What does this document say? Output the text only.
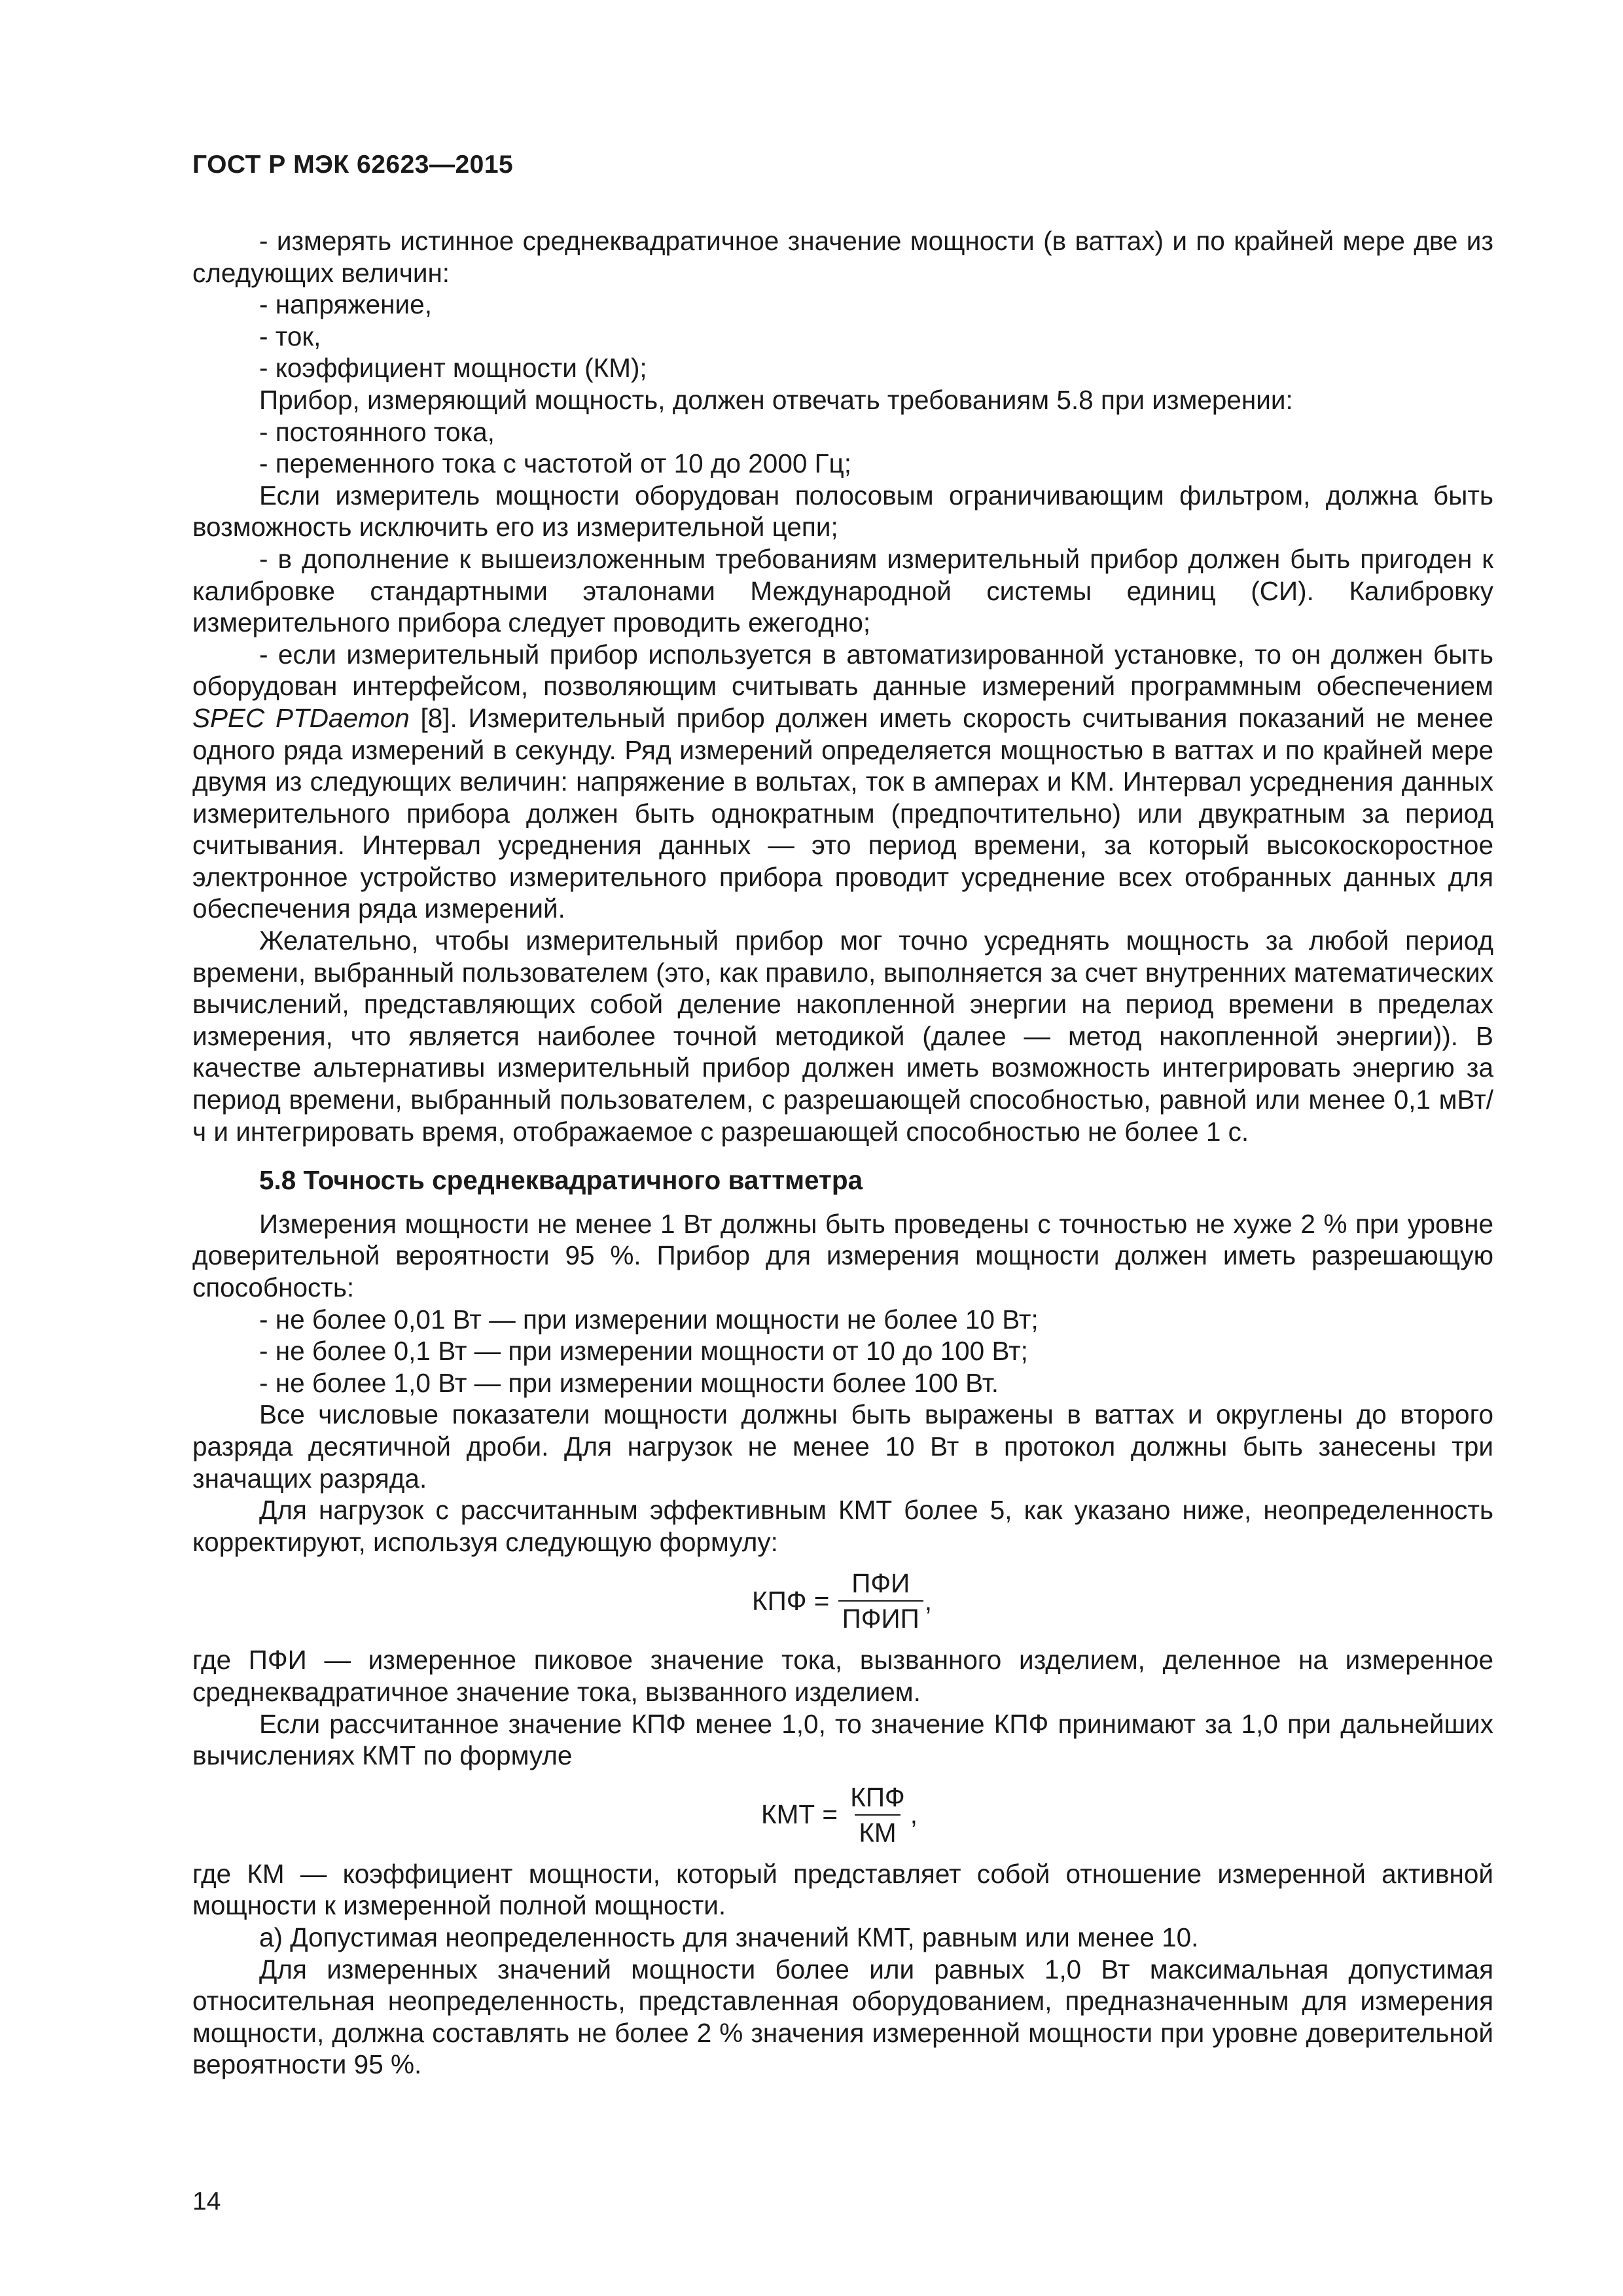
ГОСТ Р МЭК 62623—2015

- измерять истинное среднеквадратичное значение мощности (в ваттах) и по крайней мере две из следующих величин:

- напряжение,

- ток,

- коэффициент мощности (КМ);

Прибор, измеряющий мощность, должен отвечать требованиям 5.8 при измерении:

- постоянного тока,

- переменного тока с частотой от 10 до 2000 Гц;

Если измеритель мощности оборудован полосовым ограничивающим фильтром, должна быть возможность исключить его из измерительной цепи;

- в дополнение к вышеизложенным требованиям измерительный прибор должен быть пригоден к калибровке стандартными эталонами Международной системы единиц (СИ). Калибровку измерительного прибора следует проводить ежегодно;

- если измерительный прибор используется в автоматизированной установке, то он должен быть оборудован интерфейсом, позволяющим считывать данные измерений программным обеспечением SPEC PTDaemon [8]. Измерительный прибор должен иметь скорость считывания показаний не менее одного ряда измерений в секунду. Ряд измерений определяется мощностью в ваттах и по крайней мере двумя из следующих величин: напряжение в вольтах, ток в амперах и КМ. Интервал усреднения данных измерительного прибора должен быть однократным (предпочтительно) или двукратным за период считывания. Интервал усреднения данных — это период времени, за который высокоскоростное электронное устройство измерительного прибора проводит усреднение всех отобранных данных для обеспечения ряда измерений.

Желательно, чтобы измерительный прибор мог точно усреднять мощность за любой период времени, выбранный пользователем (это, как правило, выполняется за счет внутренних математических вычислений, представляющих собой деление накопленной энергии на период времени в пределах измерения, что является наиболее точной методикой (далее — метод накопленной энергии)). В качестве альтернативы измерительный прибор должен иметь возможность интегрировать энергию за период времени, выбранный пользователем, с разрешающей способностью, равной или менее 0,1 мВт/ч и интегрировать время, отображаемое с разрешающей способностью не более 1 с.

5.8 Точность среднеквадратичного ваттметра

Измерения мощности не менее 1 Вт должны быть проведены с точностью не хуже 2 % при уровне доверительной вероятности 95 %. Прибор для измерения мощности должен иметь разрешающую способность:

- не более 0,01 Вт — при измерении мощности не более 10 Вт;

- не более 0,1 Вт — при измерении мощности от 10 до 100 Вт;

- не более 1,0 Вт — при измерении мощности более 100 Вт.

Все числовые показатели мощности должны быть выражены в ваттах и округлены до второго разряда десятичной дроби. Для нагрузок не менее 10 Вт в протокол должны быть занесены три значащих разряда.

Для нагрузок с рассчитанным эффективным КМТ более 5, как указано ниже, неопределенность корректируют, используя следующую формулу:

КПФ = $\frac{\text{ПФИ}}{\text{ПФИП}}$ ,

где ПФИ — измеренное пиковое значение тока, вызванного изделием, деленное на измеренное среднеквадратичное значение тока, вызванного изделием.

Если рассчитанное значение КПФ менее 1,0, то значение КПФ принимают за 1,0 при дальнейших вычислениях КМТ по формуле

КМТ = $\frac{\text{КПФ}}{КМ}$ ,

где КМ — коэффициент мощности, который представляет собой отношение измеренной активной мощности к измеренной полной мощности.

а) Допустимая неопределенность для значений КМТ, равным или менее 10.

Для измеренных значений мощности более или равных 1,0 Вт максимальная допустимая относительная неопределенность, представленная оборудованием, предназначенным для измерения мощности, должна составлять не более 2 % значения измеренной мощности при уровне доверительной вероятности 95 %.

14
